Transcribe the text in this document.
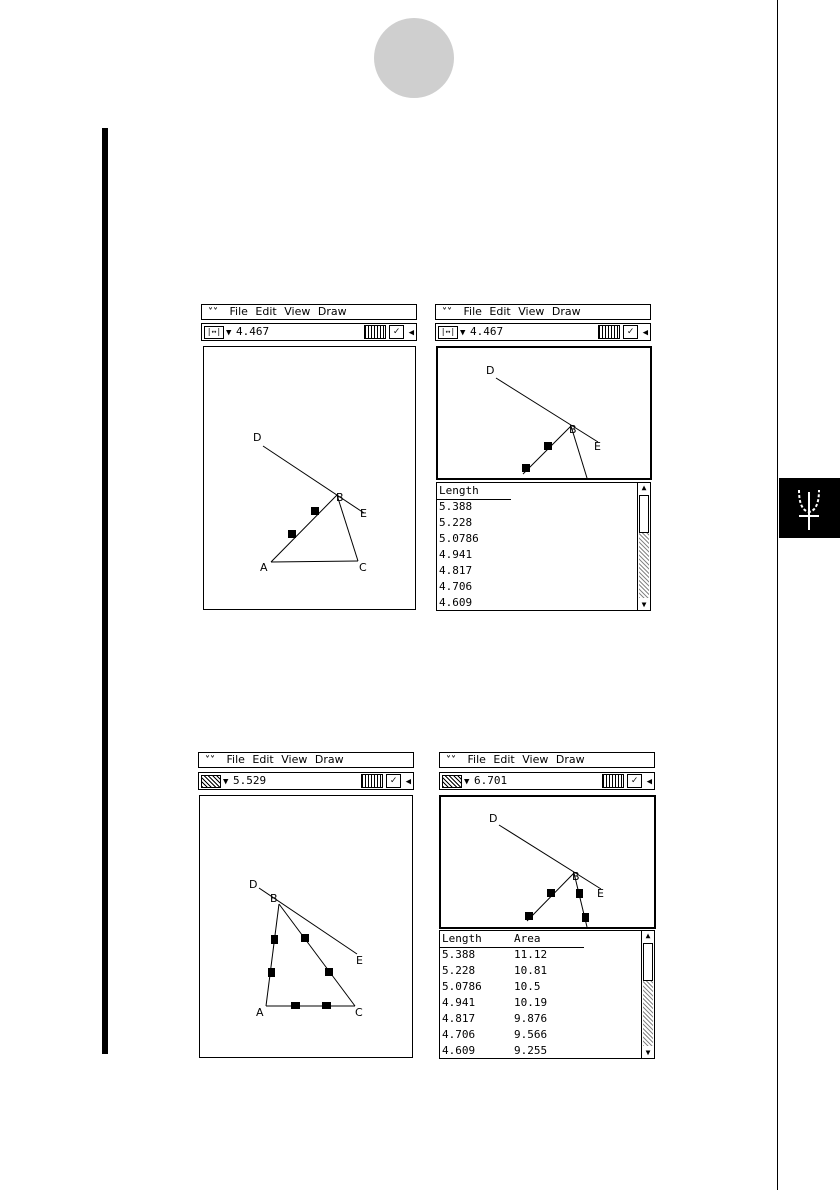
˅˅ File Edit View Draw
|↔| ▼ 4.467	✓	◀
D
B
E
A	C
˅˅ File Edit View Draw
|↔| ▼ 4.467	✓	◀
D
B
E
Length
5.388
5.228
5.0786
4.941
4.817
4.706
4.609
▲
▼
˅˅ File Edit View Draw
▼ 5.529	✓	◀
D
B
E
A	C
˅˅ File Edit View Draw
▼ 6.701	✓	◀
D
B
E
Length	Area
5.388	11.12
5.228	10.81
5.0786	10.5
4.941	10.19
4.817	9.876
4.706	9.566
4.609	9.255
▲
▼
